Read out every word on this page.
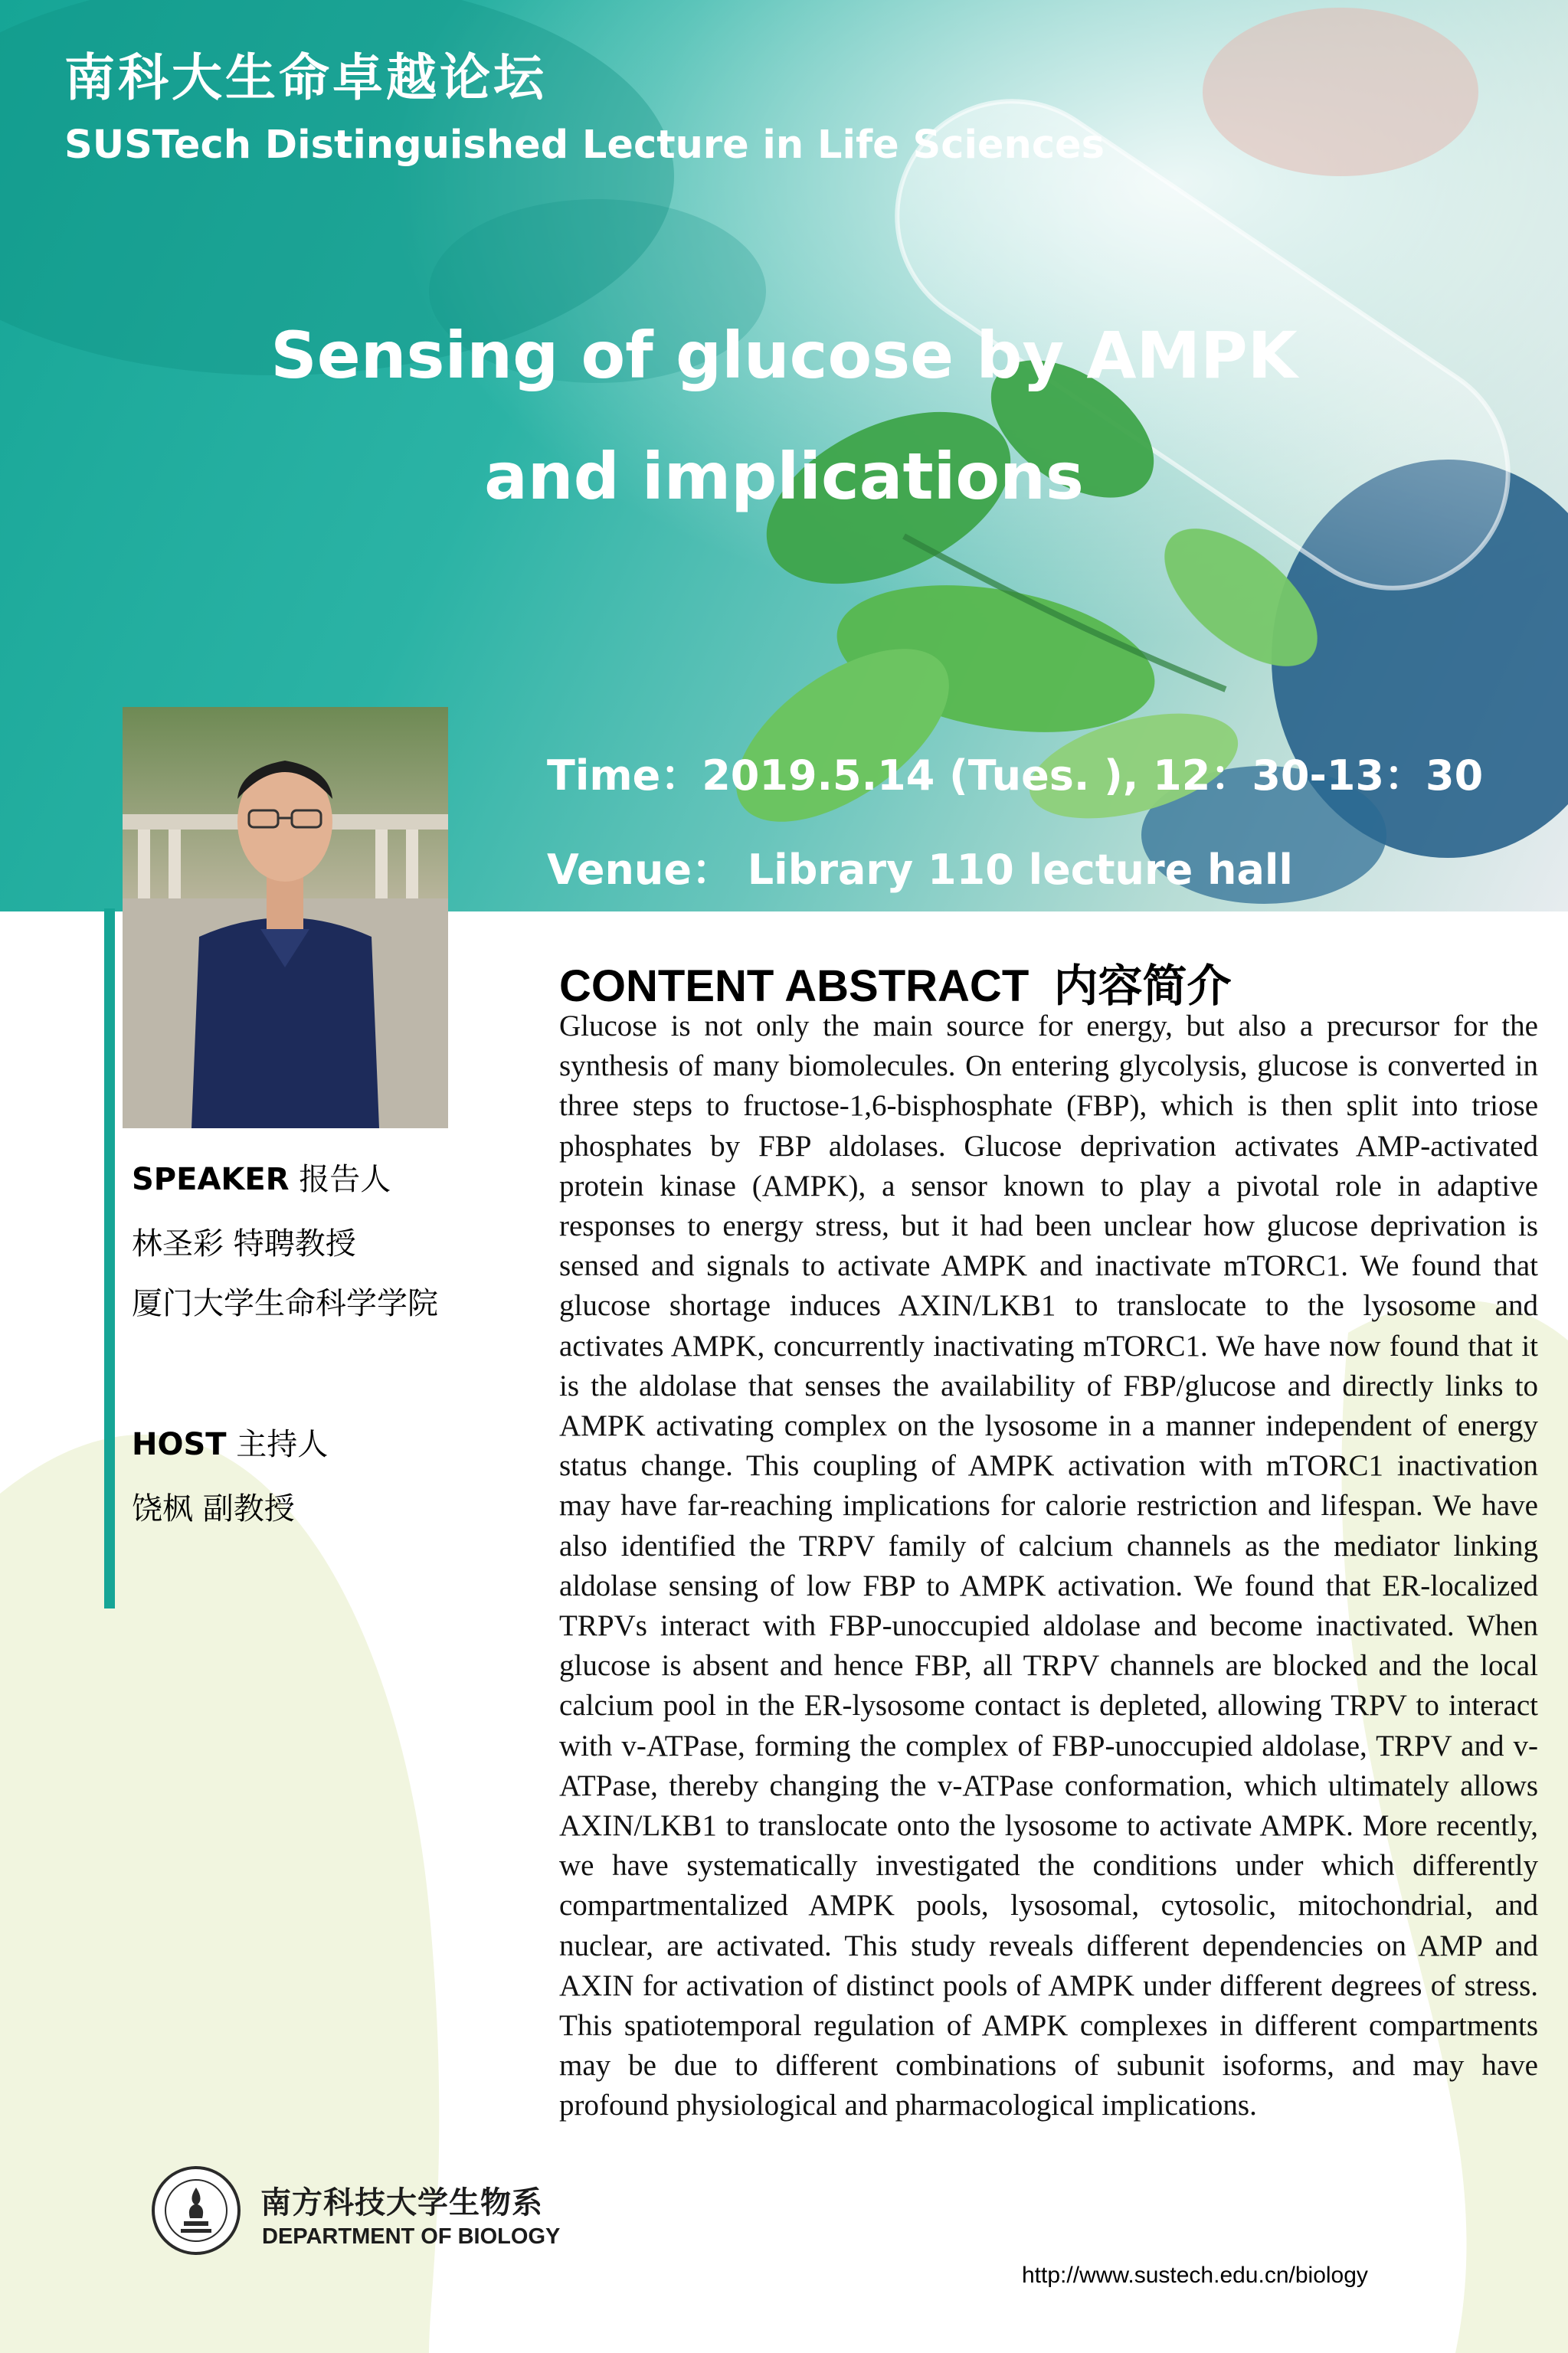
南科大生命卓越论坛
SUSTech Distinguished Lecture in Life Sciences
Sensing of glucose by AMPK
and implications
Time：2019.5.14 (Tues. ), 12：30-13：30
Venue： Library 110 lecture hall
SPEAKER 报告人
林圣彩 特聘教授
厦门大学生命科学学院
HOST 主持人
饶枫 副教授
CONTENT ABSTRACT 内容简介
Glucose is not only the main source for energy, but also a precursor for the synthesis of many biomolecules. On entering glycolysis, glucose is converted in three steps to fructose-1,6-bisphosphate (FBP), which is then split into triose phosphates by FBP aldolases. Glucose deprivation activates AMP-activated protein kinase (AMPK), a sensor known to play a pivotal role in adaptive responses to energy stress, but it had been unclear how glucose deprivation is sensed and signals to activate AMPK and inactivate mTORC1. We found that glucose shortage induces AXIN/LKB1 to translocate to the lysosome and activates AMPK, concurrently inactivating mTORC1. We have now found that it is the aldolase that senses the availability of FBP/glucose and directly links to AMPK activating complex on the lysosome in a manner independent of energy status change. This coupling of AMPK activation with mTORC1 inactivation may have far-reaching implications for calorie restriction and lifespan. We have also identified the TRPV family of calcium channels as the mediator linking aldolase sensing of low FBP to AMPK activation. We found that ER-localized TRPVs interact with FBP-unoccupied aldolase and become inactivated. When glucose is absent and hence FBP, all TRPV channels are blocked and the local calcium pool in the ER-lysosome contact is depleted, allowing TRPV to interact with v-ATPase, forming the complex of FBP-unoccupied aldolase, TRPV and v-ATPase, thereby changing the v-ATPase conformation, which ultimately allows AXIN/LKB1 to translocate onto the lysosome to activate AMPK. More recently, we have systematically investigated the conditions under which differently compartmentalized AMPK pools, lysosomal, cytosolic, mitochondrial, and nuclear, are activated. This study reveals different dependencies on AMP and AXIN for activation of distinct pools of AMPK under different degrees of stress. This spatiotemporal regulation of AMPK complexes in different compartments may be due to different combinations of subunit isoforms, and may have profound physiological and pharmacological implications.
南方科技大学生物系
DEPARTMENT OF BIOLOGY
http://www.sustech.edu.cn/biology
